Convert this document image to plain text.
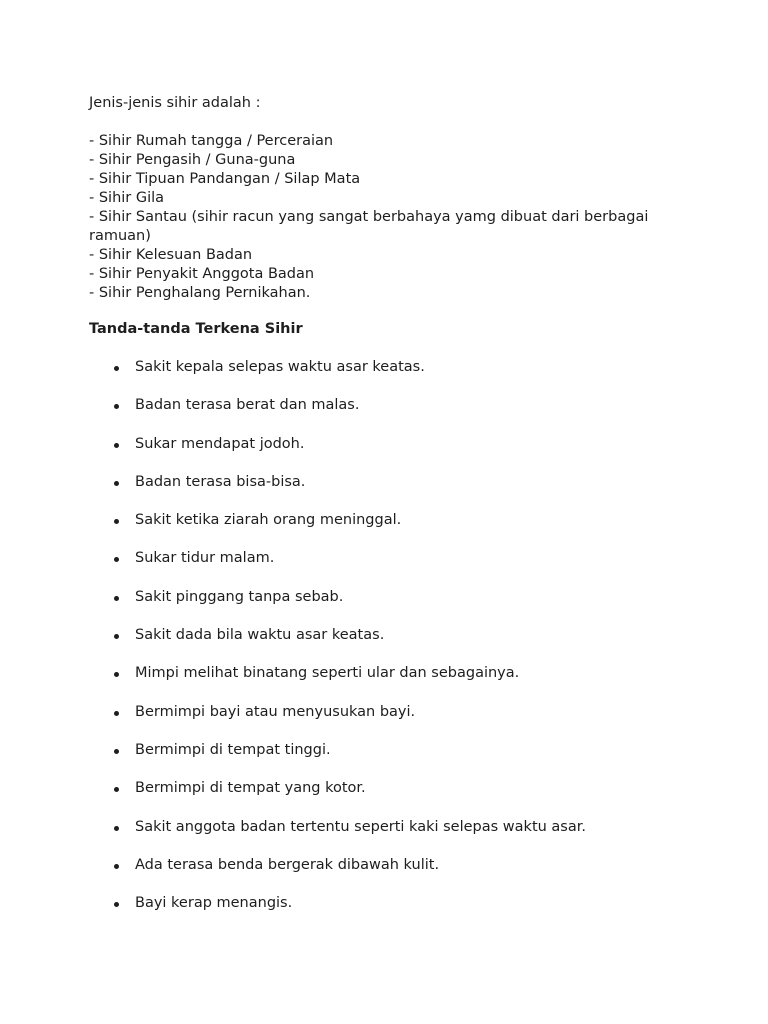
Jenis-jenis sihir adalah :

- Sihir Rumah tangga / Perceraian
- Sihir Pengasih / Guna-guna
- Sihir Tipuan Pandangan / Silap Mata
- Sihir Gila
- Sihir Santau (sihir racun yang sangat berbahaya yamg dibuat dari berbagai ramuan)
- Sihir Kelesuan Badan
- Sihir Penyakit Anggota Badan
- Sihir Penghalang Pernikahan.

Tanda-tanda Terkena Sihir

Sakit kepala selepas waktu asar keatas.
Badan terasa berat dan malas.
Sukar mendapat jodoh.
Badan terasa bisa-bisa.
Sakit ketika ziarah orang meninggal.
Sukar tidur malam.
Sakit pinggang tanpa sebab.
Sakit dada bila waktu asar keatas.
Mimpi melihat binatang seperti ular dan sebagainya.
Bermimpi bayi atau menyusukan bayi.
Bermimpi di tempat tinggi.
Bermimpi di tempat yang kotor.
Sakit anggota badan tertentu seperti kaki selepas waktu asar.
Ada terasa benda bergerak dibawah kulit.
Bayi kerap menangis.
